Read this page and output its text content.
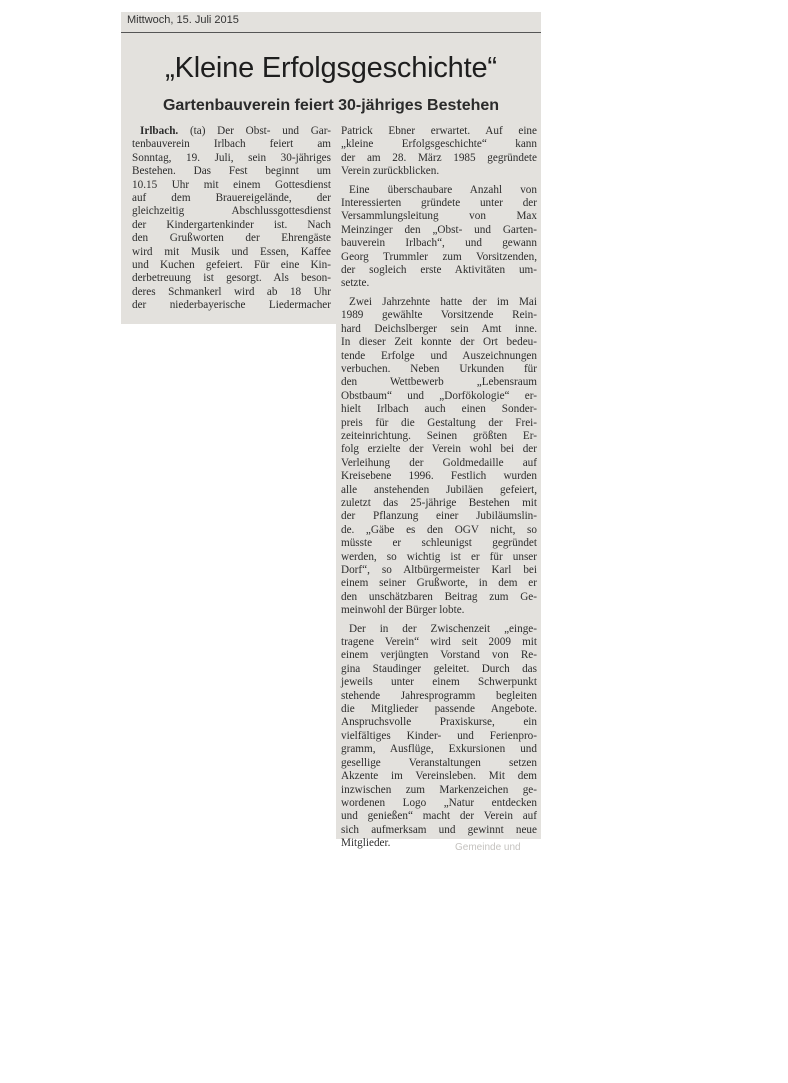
Mittwoch, 15. Juli 2015
„Kleine Erfolgsgeschichte“
Gartenbauverein feiert 30-jähriges Bestehen
Irlbach. (ta) Der Obst- und Gar-
tenbauverein Irlbach feiert am
Sonntag, 19. Juli, sein 30-jähriges
Bestehen. Das Fest beginnt um
10.15 Uhr mit einem Gottesdienst
auf dem Brauereigelände, der
gleichzeitig Abschlussgottesdienst
der Kindergartenkinder ist. Nach
den Grußworten der Ehrengäste
wird mit Musik und Essen, Kaffee
und Kuchen gefeiert. Für eine Kin-
derbetreuung ist gesorgt. Als beson-
deres Schmankerl wird ab 18 Uhr
der niederbayerische Liedermacher
Patrick Ebner erwartet. Auf eine
„kleine Erfolgsgeschichte“ kann
der am 28. März 1985 gegründete
Verein zurückblicken.
Eine überschaubare Anzahl von
Interessierten gründete unter der
Versammlungsleitung von Max
Meinzinger den „Obst- und Garten-
bauverein Irlbach“, und gewann
Georg Trummler zum Vorsitzenden,
der sogleich erste Aktivitäten um-
setzte.
Zwei Jahrzehnte hatte der im Mai
1989 gewählte Vorsitzende Rein-
hard Deichslberger sein Amt inne.
In dieser Zeit konnte der Ort bedeu-
tende Erfolge und Auszeichnungen
verbuchen. Neben Urkunden für
den Wettbewerb „Lebensraum
Obstbaum“ und „Dorfökologie“ er-
hielt Irlbach auch einen Sonder-
preis für die Gestaltung der Frei-
zeiteinrichtung. Seinen größten Er-
folg erzielte der Verein wohl bei der
Verleihung der Goldmedaille auf
Kreisebene 1996. Festlich wurden
alle anstehenden Jubiläen gefeiert,
zuletzt das 25-jährige Bestehen mit
der Pflanzung einer Jubiläumslin-
de. „Gäbe es den OGV nicht, so
müsste er schleunigst gegründet
werden, so wichtig ist er für unser
Dorf“, so Altbürgermeister Karl bei
einem seiner Grußworte, in dem er
den unschätzbaren Beitrag zum Ge-
meinwohl der Bürger lobte.
Der in der Zwischenzeit „einge-
tragene Verein“ wird seit 2009 mit
einem verjüngten Vorstand von Re-
gina Staudinger geleitet. Durch das
jeweils unter einem Schwerpunkt
stehende Jahresprogramm begleiten
die Mitglieder passende Angebote.
Anspruchsvolle Praxiskurse, ein
vielfältiges Kinder- und Ferienpro-
gramm, Ausflüge, Exkursionen und
gesellige Veranstaltungen setzen
Akzente im Vereinsleben. Mit dem
inzwischen zum Markenzeichen ge-
wordenen Logo „Natur entdecken
und genießen“ macht der Verein auf
sich aufmerksam und gewinnt neue
Mitglieder.	Gemeinde und
